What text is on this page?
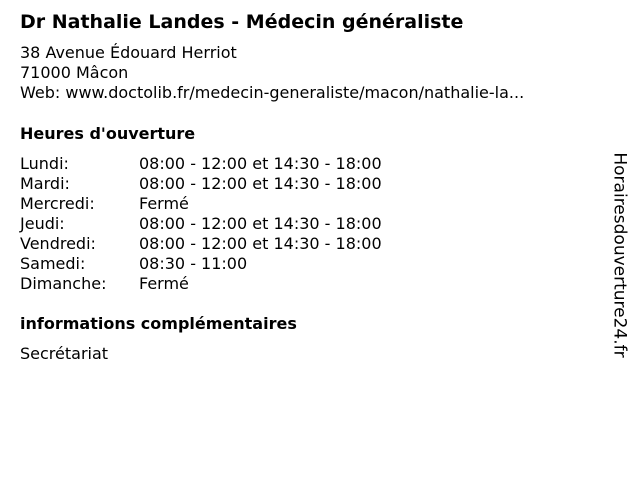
Dr Nathalie Landes - Médecin généraliste
38 Avenue Édouard Herriot
71000 Mâcon
Web: www.doctolib.fr/medecin-generaliste/macon/nathalie-la...
Heures d'ouverture
Lundi:	08:00 - 12:00 et 14:30 - 18:00
Mardi:	08:00 - 12:00 et 14:30 - 18:00
Mercredi:	Fermé
Jeudi:	08:00 - 12:00 et 14:30 - 18:00
Vendredi:	08:00 - 12:00 et 14:30 - 18:00
Samedi:	08:30 - 11:00
Dimanche:	Fermé
informations complémentaires
Secrétariat	Horairesdouverture24.fr
